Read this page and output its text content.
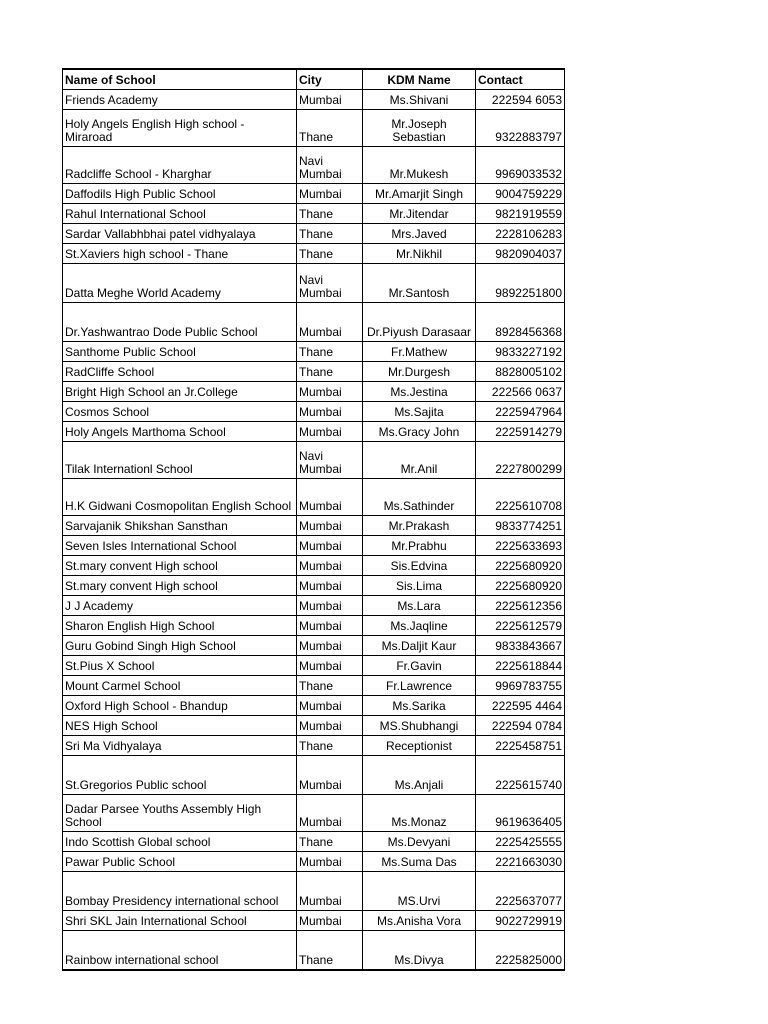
Name of School	City	KDM Name	Contact
Friends Academy	Mumbai	Ms.Shivani	222594 6053
Holy Angels English High school - Miraroad	Thane	Mr.Joseph Sebastian	9322883797
Radcliffe School - Kharghar	Navi Mumbai	Mr.Mukesh	9969033532
Daffodils High Public School	Mumbai	Mr.Amarjit Singh	9004759229
Rahul International School	Thane	Mr.Jitendar	9821919559
Sardar Vallabhbhai patel vidhyalaya	Thane	Mrs.Javed	2228106283
St.Xaviers high school - Thane	Thane	Mr.Nikhil	9820904037
Datta Meghe World Academy	Navi Mumbai	Mr.Santosh	9892251800
Dr.Yashwantrao Dode Public School	Mumbai	Dr.Piyush Darasaar	8928456368
Santhome Public School	Thane	Fr.Mathew	9833227192
RadCliffe School	Thane	Mr.Durgesh	8828005102
Bright High School an Jr.College	Mumbai	Ms.Jestina	222566 0637
Cosmos School	Mumbai	Ms.Sajita	2225947964
Holy Angels Marthoma School	Mumbai	Ms.Gracy John	2225914279
Tilak Internationl School	Navi Mumbai	Mr.Anil	2227800299
H.K Gidwani Cosmopolitan English School	Mumbai	Ms.Sathinder	2225610708
Sarvajanik Shikshan Sansthan	Mumbai	Mr.Prakash	9833774251
Seven Isles International School	Mumbai	Mr.Prabhu	2225633693
St.mary convent High school	Mumbai	Sis.Edvina	2225680920
St.mary convent High school	Mumbai	Sis.Lima	2225680920
J J Academy	Mumbai	Ms.Lara	2225612356
Sharon English High School	Mumbai	Ms.Jaqline	2225612579
Guru Gobind Singh High School	Mumbai	Ms.Daljit Kaur	9833843667
St.Pius X School	Mumbai	Fr.Gavin	2225618844
Mount Carmel School	Thane	Fr.Lawrence	9969783755
Oxford High School - Bhandup	Mumbai	Ms.Sarika	222595 4464
NES High School	Mumbai	MS.Shubhangi	222594 0784
Sri Ma Vidhyalaya	Thane	Receptionist	2225458751
St.Gregorios Public school	Mumbai	Ms.Anjali	2225615740
Dadar Parsee Youths Assembly High School	Mumbai	Ms.Monaz	9619636405
Indo Scottish Global school	Thane	Ms.Devyani	2225425555
Pawar Public School	Mumbai	Ms.Suma Das	2221663030
Bombay Presidency international school	Mumbai	MS.Urvi	2225637077
Shri SKL Jain International School	Mumbai	Ms.Anisha Vora	9022729919
Rainbow international school	Thane	Ms.Divya	2225825000
